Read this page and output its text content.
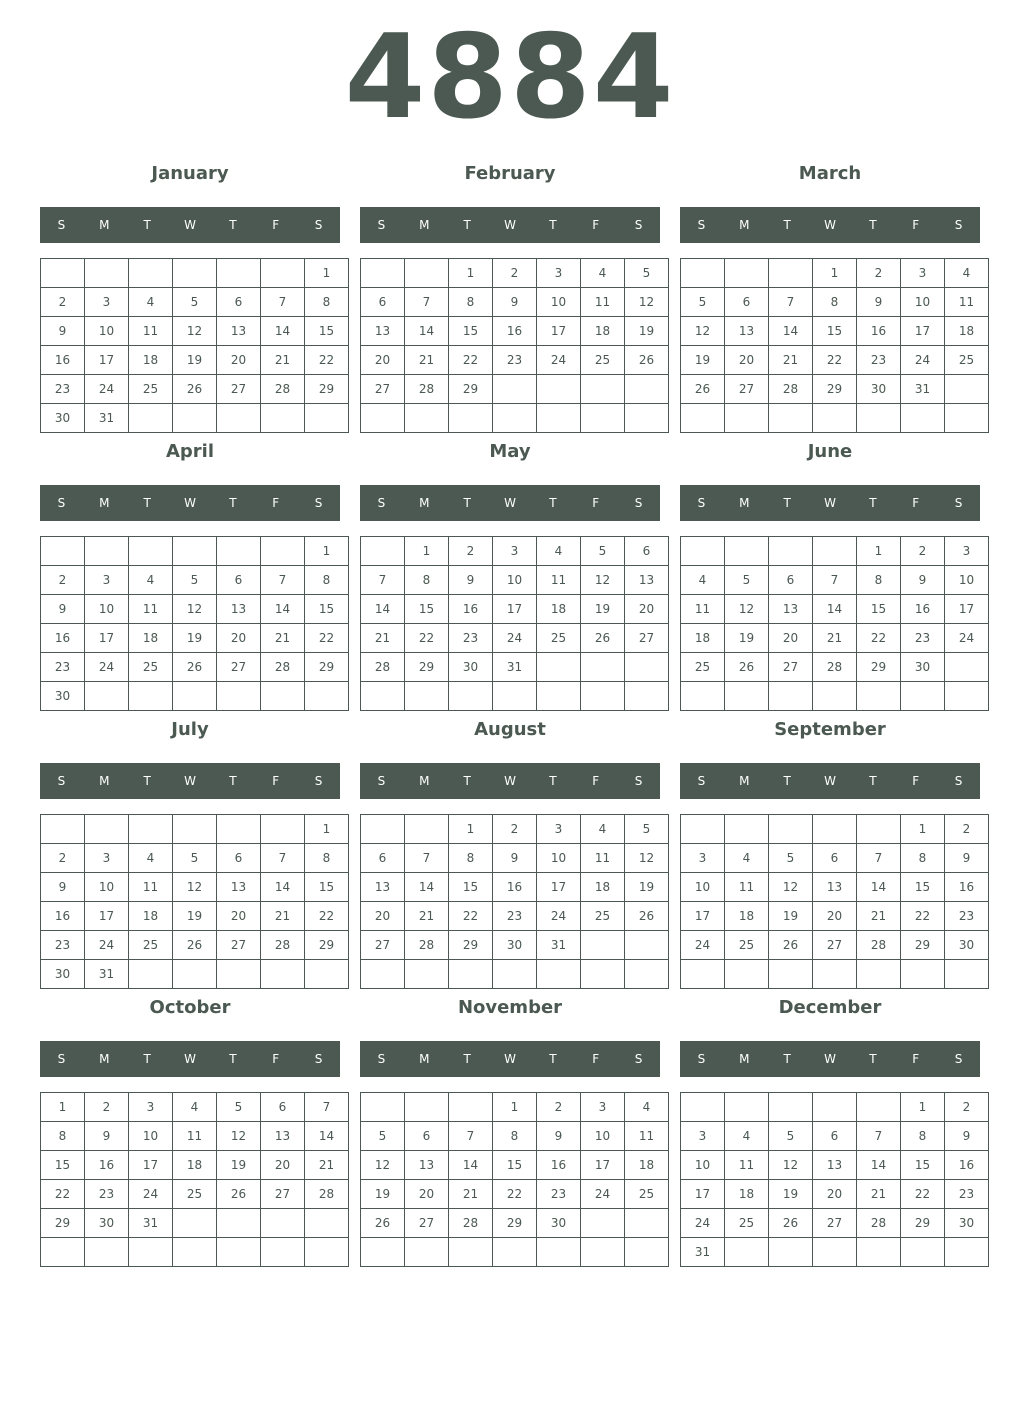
4884
January
S	M	T	W	T	F	S
						1
2	3	4	5	6	7	8
9	10	11	12	13	14	15
16	17	18	19	20	21	22
23	24	25	26	27	28	29
30	31					
February
S	M	T	W	T	F	S
		1	2	3	4	5
6	7	8	9	10	11	12
13	14	15	16	17	18	19
20	21	22	23	24	25	26
27	28	29				

March
S	M	T	W	T	F	S
			1	2	3	4
5	6	7	8	9	10	11
12	13	14	15	16	17	18
19	20	21	22	23	24	25
26	27	28	29	30	31	

April
S	M	T	W	T	F	S
						1
2	3	4	5	6	7	8
9	10	11	12	13	14	15
16	17	18	19	20	21	22
23	24	25	26	27	28	29
30						
May
S	M	T	W	T	F	S
	1	2	3	4	5	6
7	8	9	10	11	12	13
14	15	16	17	18	19	20
21	22	23	24	25	26	27
28	29	30	31			

June
S	M	T	W	T	F	S
				1	2	3
4	5	6	7	8	9	10
11	12	13	14	15	16	17
18	19	20	21	22	23	24
25	26	27	28	29	30	

July
S	M	T	W	T	F	S
						1
2	3	4	5	6	7	8
9	10	11	12	13	14	15
16	17	18	19	20	21	22
23	24	25	26	27	28	29
30	31					
August
S	M	T	W	T	F	S
		1	2	3	4	5
6	7	8	9	10	11	12
13	14	15	16	17	18	19
20	21	22	23	24	25	26
27	28	29	30	31		

September
S	M	T	W	T	F	S
					1	2
3	4	5	6	7	8	9
10	11	12	13	14	15	16
17	18	19	20	21	22	23
24	25	26	27	28	29	30

October
S	M	T	W	T	F	S
1	2	3	4	5	6	7
8	9	10	11	12	13	14
15	16	17	18	19	20	21
22	23	24	25	26	27	28
29	30	31				

November
S	M	T	W	T	F	S
			1	2	3	4
5	6	7	8	9	10	11
12	13	14	15	16	17	18
19	20	21	22	23	24	25
26	27	28	29	30		

December
S	M	T	W	T	F	S
					1	2
3	4	5	6	7	8	9
10	11	12	13	14	15	16
17	18	19	20	21	22	23
24	25	26	27	28	29	30
31						
